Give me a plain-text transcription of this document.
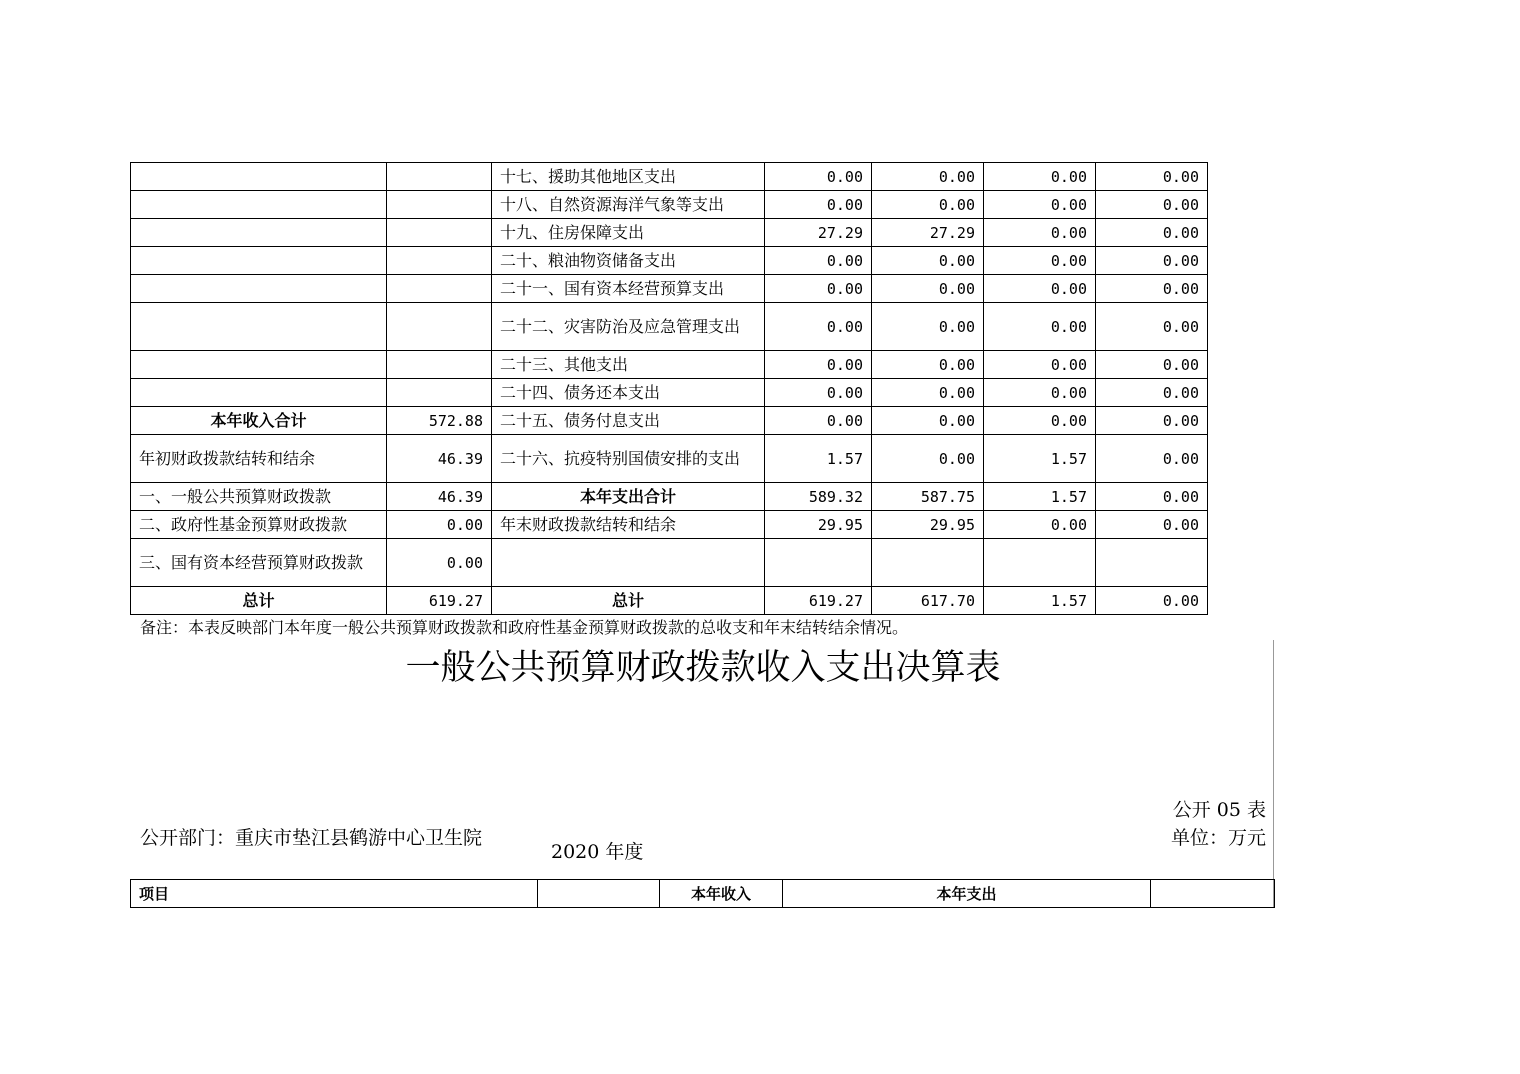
		十七、援助其他地区支出	0.00	0.00	0.00	0.00
		十八、自然资源海洋气象等支出	0.00	0.00	0.00	0.00
		十九、住房保障支出	27.29	27.29	0.00	0.00
		二十、粮油物资储备支出	0.00	0.00	0.00	0.00
		二十一、国有资本经营预算支出	0.00	0.00	0.00	0.00
		二十二、灾害防治及应急管理支出	0.00	0.00	0.00	0.00
		二十三、其他支出	0.00	0.00	0.00	0.00
		二十四、债务还本支出	0.00	0.00	0.00	0.00
本年收入合计	572.88	二十五、债务付息支出	0.00	0.00	0.00	0.00
年初财政拨款结转和结余	46.39	二十六、抗疫特别国债安排的支出	1.57	0.00	1.57	0.00
一、一般公共预算财政拨款	46.39	本年支出合计	589.32	587.75	1.57	0.00
二、政府性基金预算财政拨款	0.00	年末财政拨款结转和结余	29.95	29.95	0.00	0.00
三、国有资本经营预算财政拨款	0.00					
总计	619.27	总计	619.27	617.70	1.57	0.00
备注：本表反映部门本年度一般公共预算财政拨款和政府性基金预算财政拨款的总收支和年末结转结余情况。
一般公共预算财政拨款收入支出决算表
公开部门：重庆市垫江县鹤游中心卫生院
2020 年度
公开 05 表
单位：万元
项目		本年收入	本年支出	
